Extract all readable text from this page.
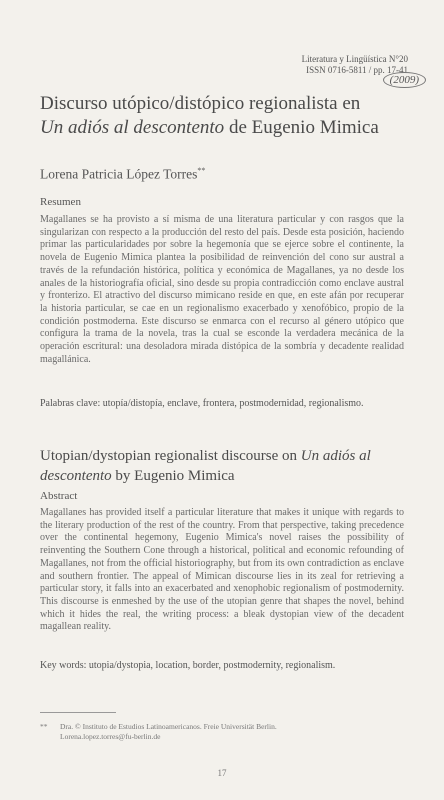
Literatura y Lingüística N°20
ISSN 0716-5811 / pp. 17-41
(2009)
Discurso utópico/distópico regionalista en
Un adiós al descontento de Eugenio Mimica
Lorena Patricia López Torres**
Resumen
Magallanes se ha provisto a sí misma de una literatura particular y con rasgos que la singularizan con respecto a la producción del resto del país. Desde esta posición, haciendo primar las particularidades por sobre la hegemonía que se ejerce sobre el continente, la novela de Eugenio Mimica plantea la posibilidad de reinvención del cono sur austral a través de la refundación histórica, política y económica de Magallanes, ya no desde los anales de la historiografía oficial, sino desde su propia contradicción como enclave austral y fronterizo. El atractivo del discurso mimicano reside en que, en este afán por recuperar la historia particular, se cae en un regionalismo exacerbado y xenofóbico, propio de la condición postmoderna. Este discurso se enmarca con el recurso al género utópico que configura la trama de la novela, tras la cual se esconde la verdadera mecánica de la operación escritural: una desoladora mirada distópica de la sombría y decadente realidad magallánica.
Palabras clave: utopía/distopía, enclave, frontera, postmodernidad, regionalismo.
Utopian/dystopian regionalist discourse on Un adiós al descontento by Eugenio Mimica
Abstract
Magallanes has provided itself a particular literature that makes it unique with regards to the literary production of the rest of the country. From that perspective, taking precedence over the continental hegemony, Eugenio Mimica's novel raises the possibility of reinventing the Southern Cone through a historical, political and economic refounding of Magallanes, not from the official historiography, but from its own contradiction as enclave and southern frontier. The appeal of Mimican discourse lies in its zeal for retrieving a particular story, it falls into an exacerbated and xenophobic regionalism of postmodernity. This discourse is enmeshed by the use of the utopian genre that shapes the novel, behind which it hides the real, the writing process: a bleak dystopian view of the decadent magallean reality.
Key words: utopia/dystopia, location, border, postmodernity, regionalism.
** Dra. © Instituto de Estudios Latinoamericanos. Freie Universität Berlin.
Lorena.lopez.torres@fu-berlin.de
17
